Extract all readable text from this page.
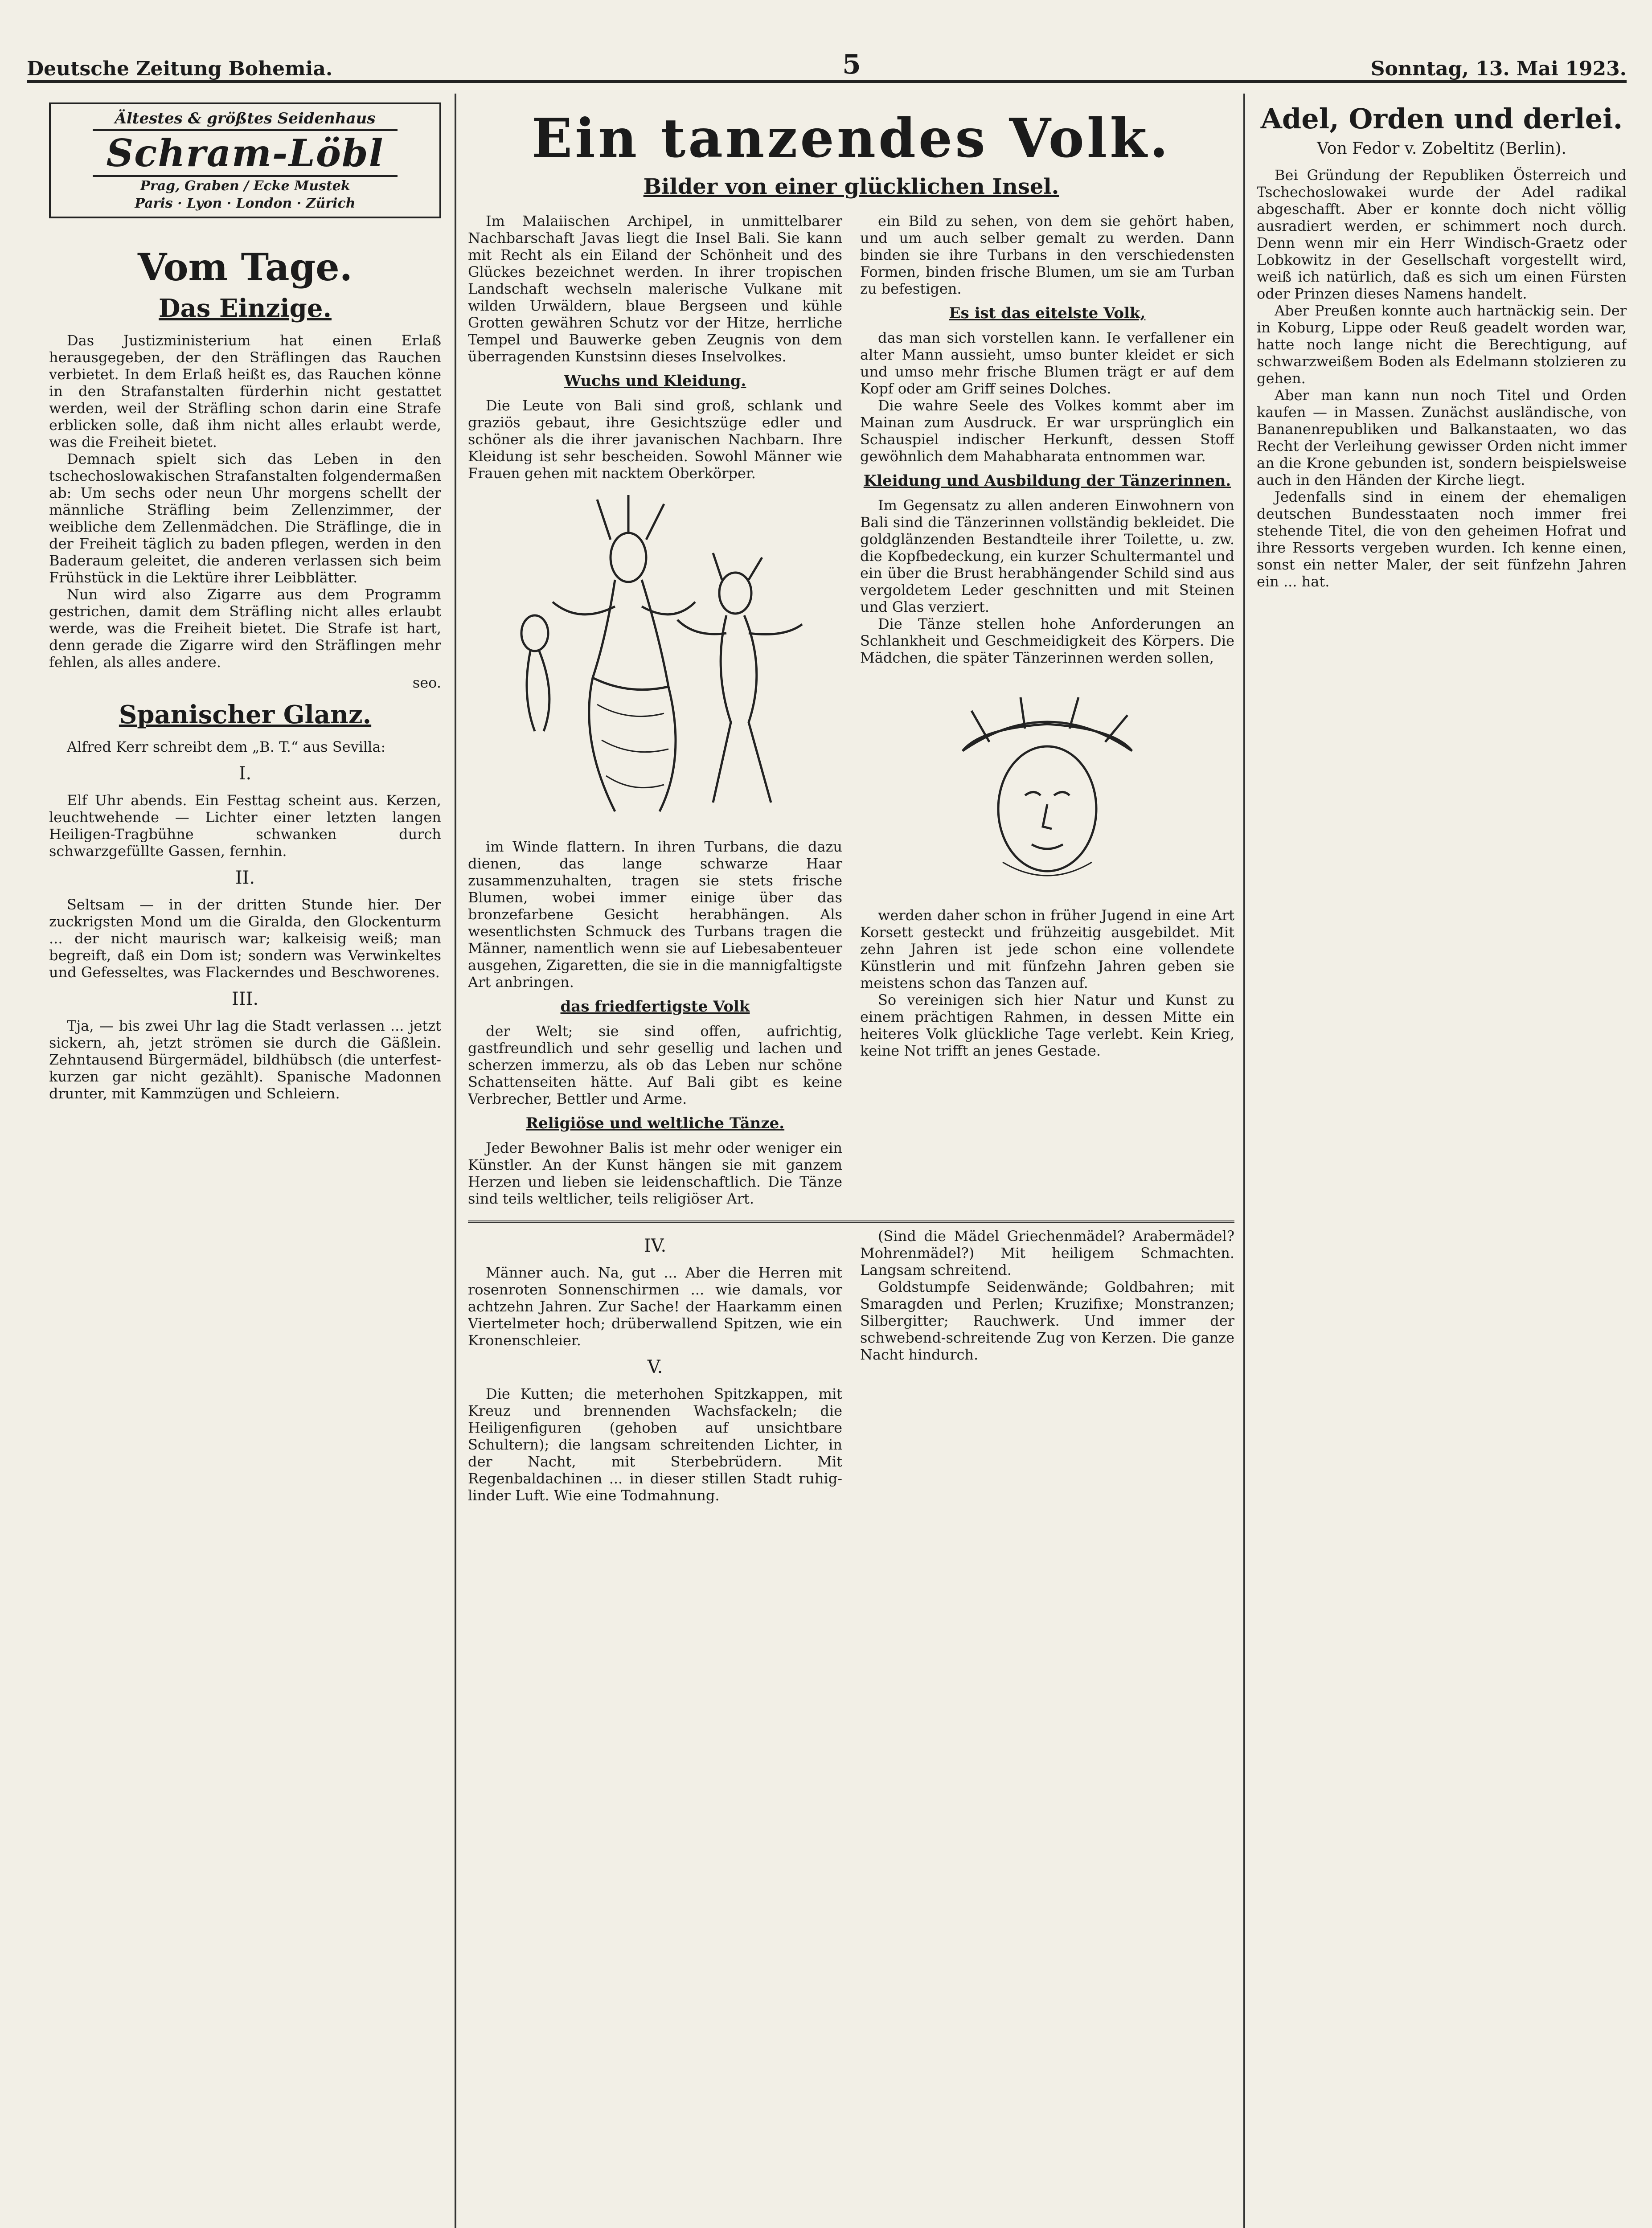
Deutsche Zeitung Bohemia.	5	Sonntag, 13. Mai 1923.
Ältestes & größtes Seidenhaus
Schram-Löbl
Prag, Graben / Ecke Mustek
Paris · Lyon · London · Zürich
Vom Tage.
Das Einzige.

Das Justizministerium hat einen Erlaß herausgegeben, der den Sträflingen das Rauchen verbietet. In dem Erlaß heißt es, das Rauchen könne in den Strafanstalten fürderhin nicht gestattet werden, weil der Sträfling schon darin eine Strafe erblicken solle, daß ihm nicht alles erlaubt werde, was die Freiheit bietet.

Demnach spielt sich das Leben in den tschechoslowakischen Strafanstalten folgendermaßen ab: Um sechs oder neun Uhr morgens schellt der männliche Sträfling beim Zellenzimmer, der weibliche dem Zellenmädchen. Die Sträflinge, die in der Freiheit täglich zu baden pflegen, werden in den Baderaum geleitet, die anderen verlassen sich beim Frühstück in die Lektüre ihrer Leibblätter.

Nun wird also Zigarre aus dem Programm gestrichen, damit dem Sträfling nicht alles erlaubt werde, was die Freiheit bietet. Die Strafe ist hart, denn gerade die Zigarre wird den Sträflingen mehr fehlen, als alles andere.

seo.
Spanischer Glanz.

Alfred Kerr schreibt dem „B. T.“ aus Sevilla:

I.

Elf Uhr abends. Ein Festtag scheint aus. Kerzen, leuchtwehende — Lichter einer letzten langen Heiligen-Tragbühne schwanken durch schwarzgefüllte Gassen, fernhin.

II.

Seltsam — in der dritten Stunde hier. Der zuckrigsten Mond um die Giralda, den Glockenturm ... der nicht maurisch war; kalkeisig weiß; man begreift, daß ein Dom ist; sondern was Verwinkeltes und Gefesseltes, was Flackerndes und Beschworenes.

III.

Tja, — bis zwei Uhr lag die Stadt verlassen ... jetzt sickern, ah, jetzt strömen sie durch die Gäßlein. Zehntausend Bürgermädel, bildhübsch (die unterfest-kurzen gar nicht gezählt). Spanische Madonnen drunter, mit Kammzügen und Schleiern.

Ein tanzendes Volk.
Bilder von einer glücklichen Insel.

Im Malaiischen Archipel, in unmittelbarer Nachbarschaft Javas liegt die Insel Bali. Sie kann mit Recht als ein Eiland der Schönheit und des Glückes bezeichnet werden. In ihrer tropischen Landschaft wechseln malerische Vulkane mit wilden Urwäldern, blaue Bergseen und kühle Grotten gewähren Schutz vor der Hitze, herrliche Tempel und Bauwerke geben Zeugnis von dem überragenden Kunstsinn dieses Inselvolkes.

Wuchs und Kleidung.

Die Leute von Bali sind groß, schlank und graziös gebaut, ihre Gesichtszüge edler und schöner als die ihrer javanischen Nachbarn. Ihre Kleidung ist sehr bescheiden. Sowohl Männer wie Frauen gehen mit nacktem Oberkörper.

im Winde flattern. In ihren Turbans, die dazu dienen, das lange schwarze Haar zusammenzuhalten, tragen sie stets frische Blumen, wobei immer einige über das bronzefarbene Gesicht herabhängen. Als wesentlichsten Schmuck des Turbans tragen die Männer, namentlich wenn sie auf Liebesabenteuer ausgehen, Zigaretten, die sie in die mannigfaltigste Art anbringen.

das friedfertigste Volk

der Welt; sie sind offen, aufrichtig, gastfreundlich und sehr gesellig und lachen und scherzen immerzu, als ob das Leben nur schöne Schattenseiten hätte. Auf Bali gibt es keine Verbrecher, Bettler und Arme.

Religiöse und weltliche Tänze.

Jeder Bewohner Balis ist mehr oder weniger ein Künstler. An der Kunst hängen sie mit ganzem Herzen und lieben sie leidenschaftlich. Die Tänze sind teils weltlicher, teils religiöser Art.

ein Bild zu sehen, von dem sie gehört haben, und um auch selber gemalt zu werden. Dann binden sie ihre Turbans in den verschiedensten Formen, binden frische Blumen, um sie am Turban zu befestigen.

Es ist das eitelste Volk,

das man sich vorstellen kann. Ie verfallener ein alter Mann aussieht, umso bunter kleidet er sich und umso mehr frische Blumen trägt er auf dem Kopf oder am Griff seines Dolches.

Die wahre Seele des Volkes kommt aber im Mainan zum Ausdruck. Er war ursprünglich ein Schauspiel indischer Herkunft, dessen Stoff gewöhnlich dem Mahabharata entnommen war.

Kleidung und Ausbildung der Tänzerinnen.

Im Gegensatz zu allen anderen Einwohnern von Bali sind die Tänzerinnen vollständig bekleidet. Die goldglänzenden Bestandteile ihrer Toilette, u. zw. die Kopfbedeckung, ein kurzer Schultermantel und ein über die Brust herabhängender Schild sind aus vergoldetem Leder geschnitten und mit Steinen und Glas verziert.

Die Tänze stellen hohe Anforderungen an Schlankheit und Geschmeidigkeit des Körpers. Die Mädchen, die später Tänzerinnen werden sollen,

werden daher schon in früher Jugend in eine Art Korsett gesteckt und frühzeitig ausgebildet. Mit zehn Jahren ist jede schon eine vollendete Künstlerin und mit fünfzehn Jahren geben sie meistens schon das Tanzen auf.

So vereinigen sich hier Natur und Kunst zu einem prächtigen Rahmen, in dessen Mitte ein heiteres Volk glückliche Tage verlebt. Kein Krieg, keine Not trifft an jenes Gestade.

IV.

Männer auch. Na, gut ... Aber die Herren mit rosenroten Sonnenschirmen ... wie damals, vor achtzehn Jahren. Zur Sache! der Haarkamm einen Viertelmeter hoch; drüberwallend Spitzen, wie ein Kronenschleier.

V.

Die Kutten; die meterhohen Spitzkappen, mit Kreuz und brennenden Wachsfackeln; die Heiligenfiguren (gehoben auf unsichtbare Schultern); die langsam schreitenden Lichter, in der Nacht, mit Sterbebrüdern. Mit Regenbaldachinen ... in dieser stillen Stadt ruhig-linder Luft. Wie eine Todmahnung.

(Sind die Mädel Griechenmädel? Arabermädel? Mohrenmädel?) Mit heiligem Schmachten. Langsam schreitend.

Goldstumpfe Seidenwände; Goldbahren; mit Smaragden und Perlen; Kruzifixe; Monstranzen; Silbergitter; Rauchwerk. Und immer der schwebend-schreitende Zug von Kerzen. Die ganze Nacht hindurch.

Adel, Orden und derlei.
Von Fedor v. Zobeltitz (Berlin).

Bei Gründung der Republiken Österreich und Tschechoslowakei wurde der Adel radikal abgeschafft. Aber er konnte doch nicht völlig ausradiert werden, er schimmert noch durch. Denn wenn mir ein Herr Windisch-Graetz oder Lobkowitz in der Gesellschaft vorgestellt wird, weiß ich natürlich, daß es sich um einen Fürsten oder Prinzen dieses Namens handelt.

Aber Preußen konnte auch hartnäckig sein. Der in Koburg, Lippe oder Reuß geadelt worden war, hatte noch lange nicht die Berechtigung, auf schwarzweißem Boden als Edelmann stolzieren zu gehen.

Aber man kann nun noch Titel und Orden kaufen — in Massen. Zunächst ausländische, von Bananenrepubliken und Balkanstaaten, wo das Recht der Verleihung gewisser Orden nicht immer an die Krone gebunden ist, sondern beispielsweise auch in den Händen der Kirche liegt.

Jedenfalls sind in einem der ehemaligen deutschen Bundesstaaten noch immer frei stehende Titel, die von den geheimen Hofrat und ihre Ressorts vergeben wurden. Ich kenne einen, sonst ein netter Maler, der seit fünfzehn Jahren ein ... hat.
